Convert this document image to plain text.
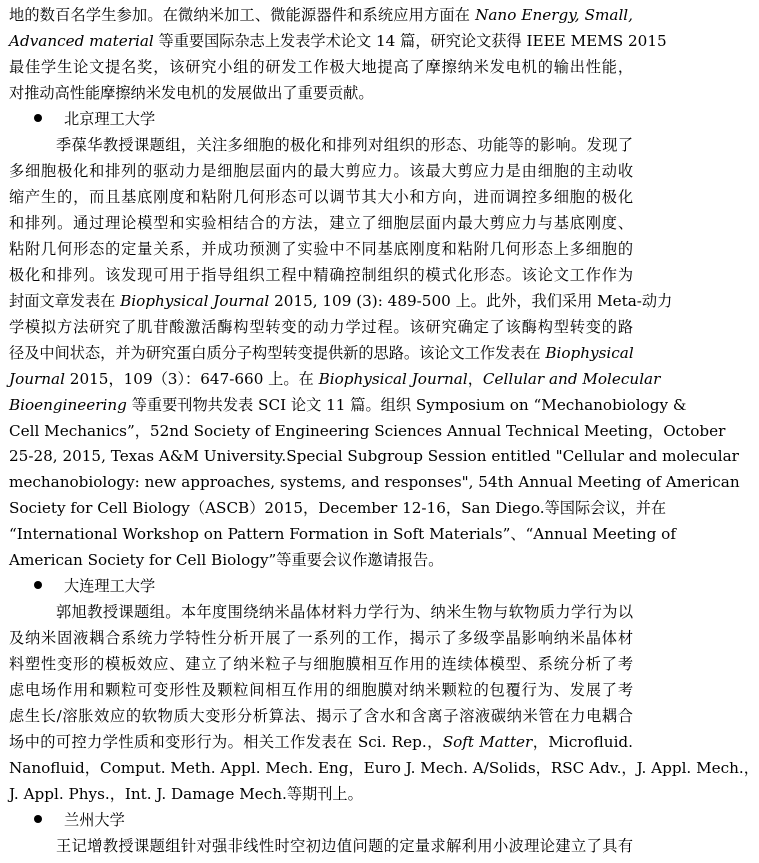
地的数百名学生参加。在微纳米加工、微能源器件和系统应用方面在 Nano Energy, Small,
Advanced material 等重要国际杂志上发表学术论文 14 篇，研究论文获得 IEEE MEMS 2015
最佳学生论文提名奖，该研究小组的研发工作极大地提高了摩擦纳米发电机的输出性能，
对推动高性能摩擦纳米发电机的发展做出了重要贡献。
北京理工大学
季葆华教授课题组，关注多细胞的极化和排列对组织的形态、功能等的影响。发现了
多细胞极化和排列的驱动力是细胞层面内的最大剪应力。该最大剪应力是由细胞的主动收
缩产生的，而且基底刚度和粘附几何形态可以调节其大小和方向，进而调控多细胞的极化
和排列。通过理论模型和实验相结合的方法，建立了细胞层面内最大剪应力与基底刚度、
粘附几何形态的定量关系，并成功预测了实验中不同基底刚度和粘附几何形态上多细胞的
极化和排列。该发现可用于指导组织工程中精确控制组织的模式化形态。该论文工作作为
封面文章发表在 Biophysical Journal 2015, 109 (3): 489-500 上。此外，我们采用 Meta-动力
学模拟方法研究了肌苷酸激活酶构型转变的动力学过程。该研究确定了该酶构型转变的路
径及中间状态，并为研究蛋白质分子构型转变提供新的思路。该论文工作发表在 Biophysical
Journal 2015，109（3）：647-660 上。在 Biophysical Journal，Cellular and Molecular
Bioengineering 等重要刊物共发表 SCI 论文 11 篇。组织 Symposium on “Mechanobiology &
Cell Mechanics”，52nd Society of Engineering Sciences Annual Technical Meeting，October
25-28, 2015, Texas A&M University.Special Subgroup Session entitled "Cellular and molecular
mechanobiology: new approaches, systems, and responses", 54th Annual Meeting of American
Society for Cell Biology（ASCB）2015，December 12-16，San Diego.等国际会议，并在
“International Workshop on Pattern Formation in Soft Materials”、“Annual Meeting of
American Society for Cell Biology”等重要会议作邀请报告。
大连理工大学
郭旭教授课题组。本年度围绕纳米晶体材料力学行为、纳米生物与软物质力学行为以
及纳米固液耦合系统力学特性分析开展了一系列的工作，揭示了多级孪晶影响纳米晶体材
料塑性变形的模板效应、建立了纳米粒子与细胞膜相互作用的连续体模型、系统分析了考
虑电场作用和颗粒可变形性及颗粒间相互作用的细胞膜对纳米颗粒的包覆行为、发展了考
虑生长/溶胀效应的软物质大变形分析算法、揭示了含水和含离子溶液碳纳米管在力电耦合
场中的可控力学性质和变形行为。相关工作发表在 Sci. Rep.，Soft Matter，Microfluid.
Nanofluid，Comput. Meth. Appl. Mech. Eng，Euro J. Mech. A/Solids，RSC Adv.，J. Appl. Mech.，
J. Appl. Phys.，Int. J. Damage Mech.等期刊上。
兰州大学
王记增教授课题组针对强非线性时空初边值问题的定量求解利用小波理论建立了具有
